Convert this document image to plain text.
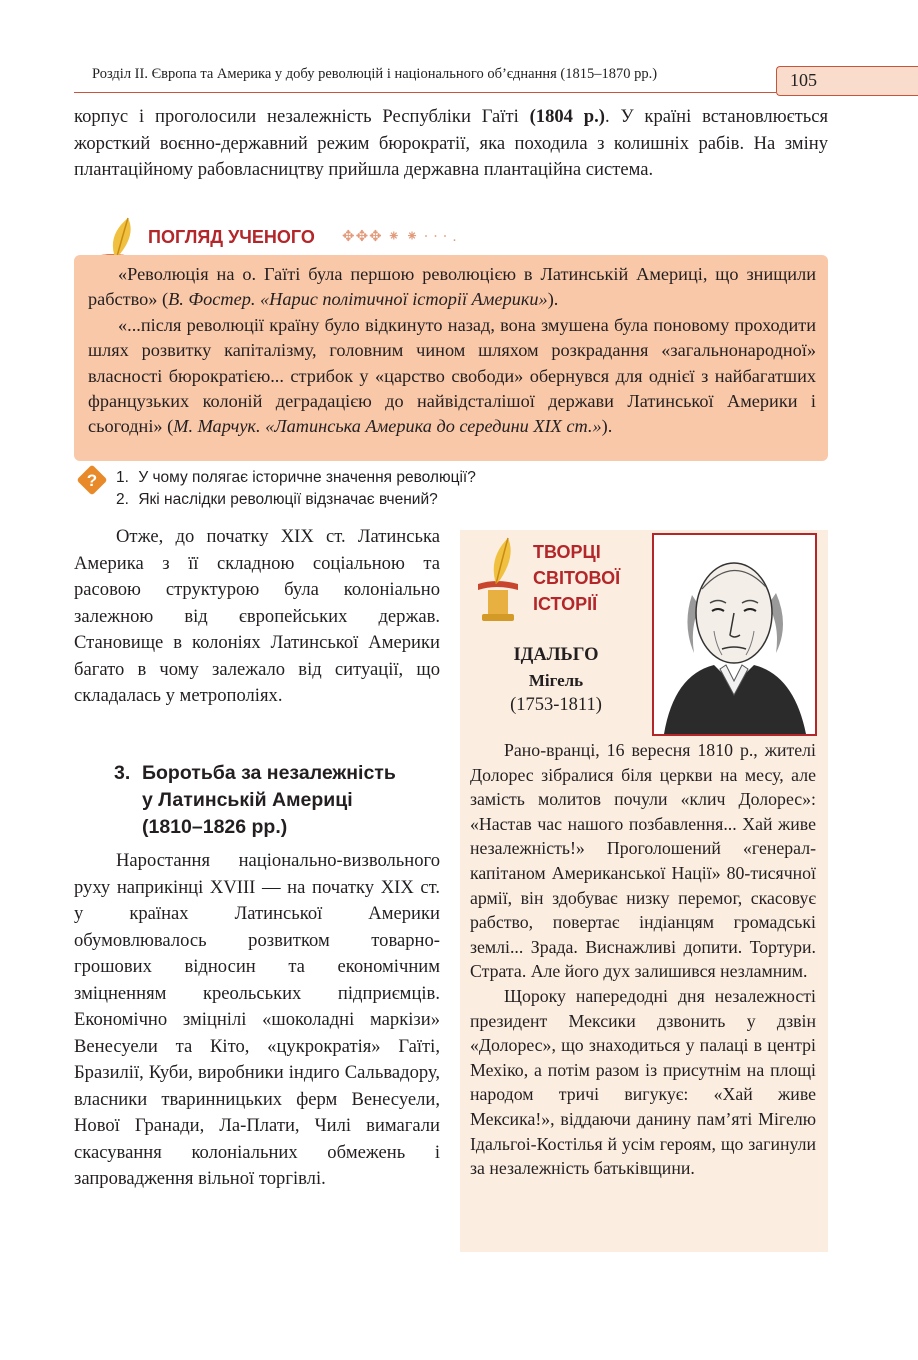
Розділ ІІ. Європа та Америка у добу революцій і національного об’єднання (1815–1870 рр.)	105
корпус і проголосили незалежність Республіки Гаїті (1804 р.). У країні встановлюється жорсткий воєнно-державний режим бюрократії, яка походила з колишніх рабів. На зміну плантаційному рабовласництву прийшла державна плантаційна система.
ПОГЛЯД УЧЕНОГО ✥✥✥ ⁕ ⁕ ∙ ∙ ∙ .

«Революція на о. Гаїті була першою революцією в Латинській Америці, що знищили рабство» (В. Фостер. «Нарис політичної історії Америки»).

«...після революції країну було відкинуто назад, вона змушена була поновому проходити шлях розвитку капіталізму, головним чином шляхом розкрадання «загальнонародної» власності бюрократією... стрибок у «царство свободи» обернувся для однієї з найбагатших французьких колоній деградацією до найвідсталішої держави Латинської Америки і сьогодні» (М. Марчук. «Латинська Америка до середини XIX ст.»).

? 1. У чому полягає історичне значення революції?
2. Які наслідки революції відзначає вчений?
Отже, до початку XIX ст. Латинська Америка з її складною соціальною та расовою структурою була колоніально залежною від європейських держав. Становище в колоніях Латинської Америки багато в чому залежало від ситуації, що складалась у метрополіях.
3. Боротьба за незалежність
у Латинській Америці
(1810–1826 рр.)
Наростання національно-визвольного руху наприкінці XVIII — на початку XIX ст. у країнах Латинської Америки обумовлювалось розвитком товарно-грошових відносин та економічним зміцненням креольських підприємців. Економічно зміцнілі «шоколадні маркізи» Венесуели та Кіто, «цукрократія» Гаїті, Бразилії, Куби, виробники індиго Сальвадору, власники тваринницьких ферм Венесуели, Нової Гранади, Ла-Плати, Чилі вимагали скасування колоніальних обмежень і запровадження вільної торгівлі.
ТВОРЦІ
СВІТОВОЇ
ІСТОРІЇ
ІДАЛЬГО
Мігель
(1753-1811)

Рано-вранці, 16 вересня 1810 р., жителі Долорес зібралися біля церкви на месу, але замість молитов почули «клич Долорес»: «Настав час нашого позбавлення... Хай живе незалежність!» Проголошений «генерал-капітаном Американської Нації» 80-тисячної армії, він здобуває низку перемог, скасовує рабство, повертає індіанцям громадські землі... Зрада. Виснажливі допити. Тортури. Страта. Але його дух залишився незламним.

Щороку напередодні дня незалежності президент Мексики дзвонить у дзвін «Долорес», що знаходиться у палаці в центрі Мехіко, а потім разом із присутнім на площі народом тричі вигукує: «Хай живе Мексика!», віддаючи данину пам’яті Мігелю Ідальгоі-Костілья й усім героям, що загинули за незалежність батьківщини.
